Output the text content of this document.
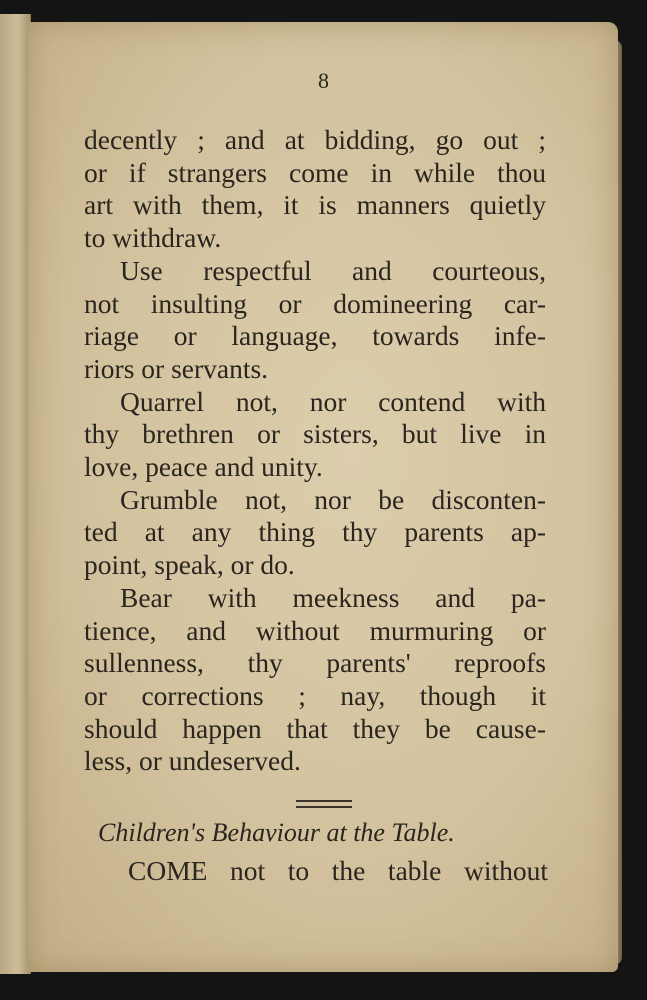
8
decently ; and at bidding, go out ;
or if strangers come in while thou
art with them, it is manners quietly
to withdraw.
Use respectful and courteous,
not insulting or domineering car-
riage or language, towards infe-
riors or servants.
Quarrel not, nor contend with
thy brethren or sisters, but live in
love, peace and unity.
Grumble not, nor be disconten-
ted at any thing thy parents ap-
point, speak, or do.
Bear with meekness and pa-
tience, and without murmuring or
sullenness, thy parents' reproofs
or corrections ; nay, though it
should happen that they be cause-
less, or undeserved.
Children's Behaviour at the Table.
COME not to the table without
